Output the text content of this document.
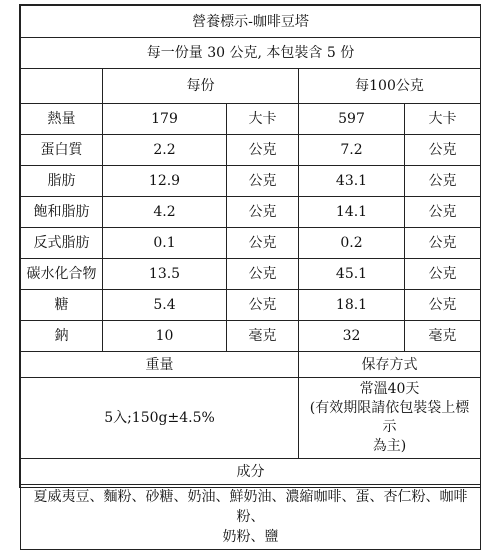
營養標示-咖啡豆塔				
每一份量 30 公克, 本包裝含 5 份				
	每份		每100公克	
熱量	179	大卡	597	大卡
蛋白質	2.2	公克	7.2	公克
脂肪	12.9	公克	43.1	公克
飽和脂肪	4.2	公克	14.1	公克
反式脂肪	0.1	公克	0.2	公克
碳水化合物	13.5	公克	45.1	公克
糖	5.4	公克	18.1	公克
鈉	10	毫克	32	毫克
重量			保存方式	
5入;150g±4.5%			常溫40天
(有效期限請依包裝袋上標示
為主)	

成分				

夏威夷豆、麵粉、砂糖、奶油、鮮奶油、濃縮咖啡、蛋、杏仁粉、咖啡粉、
奶粉、鹽				
